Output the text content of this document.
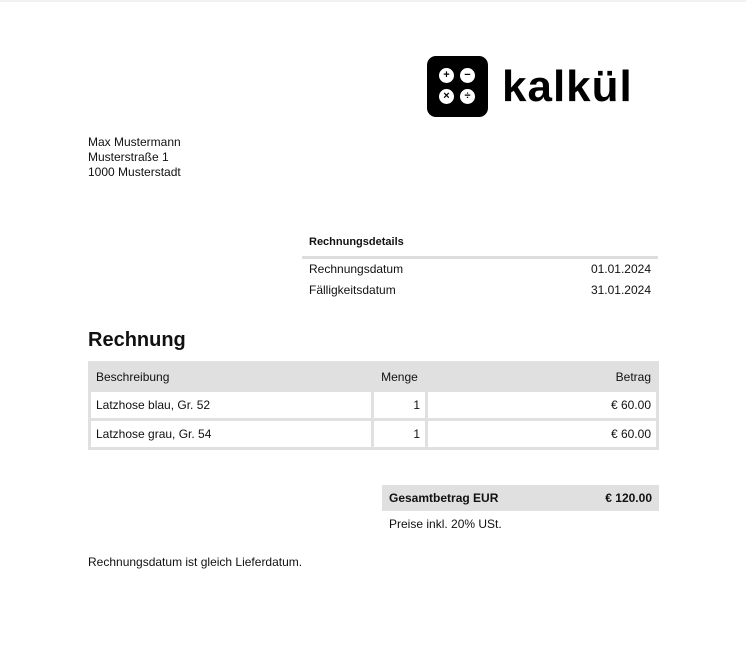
+	−
×	÷ kalkül
Max Mustermann
Musterstraße 1
1000 Musterstadt
Rechnungsdetails
Rechnungsdatum	01.01.2024
Fälligkeitsdatum	31.01.2024
Rechnung
Beschreibung	Menge	Betrag
Latzhose blau, Gr. 52	1	€ 60.00
Latzhose grau, Gr. 54	1	€ 60.00
Gesamtbetrag EUR	€ 120.00
Preise inkl. 20% USt.
Rechnungsdatum ist gleich Lieferdatum.
